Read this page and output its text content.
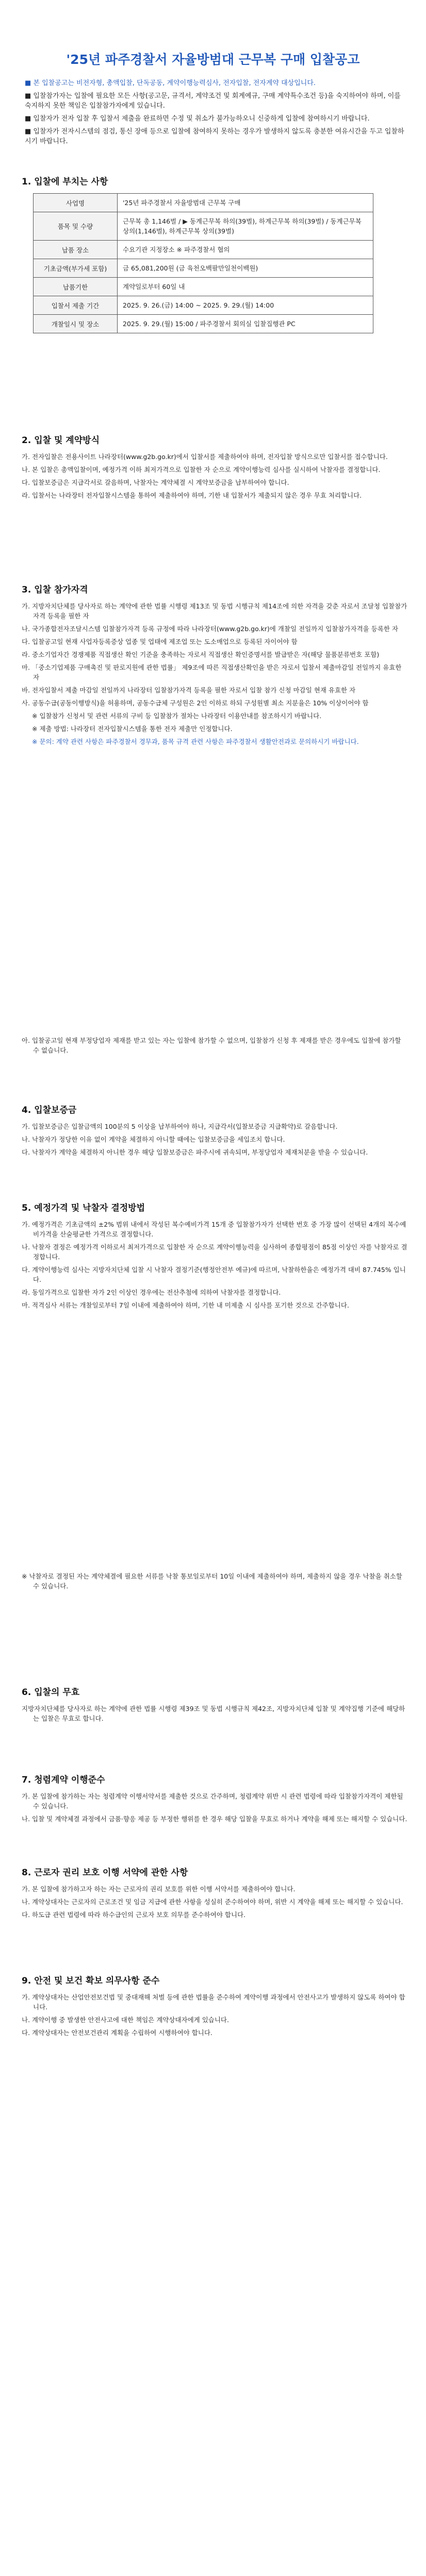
'25년 파주경찰서 자율방범대 근무복 구매 입찰공고

■ 본 입찰공고는 비전자형, 총액입찰, 단독공동, 계약이행능력심사, 전자입찰, 전자계약 대상입니다.

■ 입찰참가자는 입찰에 필요한 모든 사항(공고문, 규격서, 계약조건 및 회계예규, 구매 계약특수조건 등)을 숙지하여야 하며, 이를 숙지하지 못한 책임은 입찰참가자에게 있습니다.

■ 입찰자가 전자 입찰 후 입찰서 제출을 완료하면 수정 및 취소가 불가능하오니 신중하게 입찰에 참여하시기 바랍니다.

■ 입찰자가 전자시스템의 점검, 통신 장애 등으로 입찰에 참여하지 못하는 경우가 발생하지 않도록 충분한 여유시간을 두고 입찰하시기 바랍니다.

1. 입찰에 부치는 사항
사업명	'25년 파주경찰서 자율방범대 근무복 구매
품목 및 수량	근무복 총 1,146벌 / ▶ 동계근무복 하의(39벌), 하계근무복 하의(39벌) / 동계근무복 상의(1,146벌), 하계근무복 상의(39벌)
납품 장소	수요기관 지정장소 ※ 파주경찰서 협의
기초금액(부가세 포함)	금 65,081,200원 (금 육천오백팔만일천이백원)
납품기한	계약일로부터 60일 내
입찰서 제출 기간	2025. 9. 26.(금) 14:00 ~ 2025. 9. 29.(월) 14:00
개찰일시 및 장소	2025. 9. 29.(월) 15:00 / 파주경찰서 회의실 입찰집행관 PC
2. 입찰 및 계약방식

가. 전자입찰은 전용사이트 나라장터(www.g2b.go.kr)에서 입찰서를 제출하여야 하며, 전자입찰 방식으로만 입찰서를 접수합니다.

나. 본 입찰은 총액입찰이며, 예정가격 이하 최저가격으로 입찰한 자 순으로 계약이행능력 심사를 실시하여 낙찰자를 결정합니다.

다. 입찰보증금은 지급각서로 갈음하며, 낙찰자는 계약체결 시 계약보증금을 납부하여야 합니다.

라. 입찰서는 나라장터 전자입찰시스템을 통하여 제출하여야 하며, 기한 내 입찰서가 제출되지 않은 경우 무효 처리합니다.

3. 입찰 참가자격

가. 지방자치단체를 당사자로 하는 계약에 관한 법률 시행령 제13조 및 동법 시행규칙 제14조에 의한 자격을 갖춘 자로서 조달청 입찰참가자격 등록을 필한 자

나. 국가종합전자조달시스템 입찰참가자격 등록 규정에 따라 나라장터(www.g2b.go.kr)에 개찰일 전일까지 입찰참가자격을 등록한 자

다. 입찰공고일 현재 사업자등록증상 업종 및 업태에 제조업 또는 도소매업으로 등록된 자이어야 함

라. 중소기업자간 경쟁제품 직접생산 확인 기준을 충족하는 자로서 직접생산 확인증명서를 발급받은 자(해당 물품분류번호 포함)

마. 「중소기업제품 구매촉진 및 판로지원에 관한 법률」 제9조에 따른 직접생산확인을 받은 자로서 입찰서 제출마감일 전일까지 유효한 자

바. 전자입찰서 제출 마감일 전일까지 나라장터 입찰참가자격 등록을 필한 자로서 입찰 참가 신청 마감일 현재 유효한 자

사. 공동수급(공동이행방식)을 허용하며, 공동수급체 구성원은 2인 이하로 하되 구성원별 최소 지분율은 10% 이상이어야 함

※ 입찰참가 신청서 및 관련 서류의 구비 등 입찰참가 절차는 나라장터 이용안내를 참조하시기 바랍니다.

※ 제출 방법: 나라장터 전자입찰시스템을 통한 전자 제출만 인정합니다.

※ 문의: 계약 관련 사항은 파주경찰서 경무과, 품목 규격 관련 사항은 파주경찰서 생활안전과로 문의하시기 바랍니다.

아. 입찰공고일 현재 부정당업자 제재를 받고 있는 자는 입찰에 참가할 수 없으며, 입찰참가 신청 후 제재를 받은 경우에도 입찰에 참가할 수 없습니다.

4. 입찰보증금

가. 입찰보증금은 입찰금액의 100분의 5 이상을 납부하여야 하나, 지급각서(입찰보증금 지급확약)로 갈음합니다.

나. 낙찰자가 정당한 이유 없이 계약을 체결하지 아니할 때에는 입찰보증금을 세입조치 합니다.

다. 낙찰자가 계약을 체결하지 아니한 경우 해당 입찰보증금은 파주시에 귀속되며, 부정당업자 제재처분을 받을 수 있습니다.

5. 예정가격 및 낙찰자 결정방법

가. 예정가격은 기초금액의 ±2% 범위 내에서 작성된 복수예비가격 15개 중 입찰참가자가 선택한 번호 중 가장 많이 선택된 4개의 복수예비가격을 산술평균한 가격으로 결정합니다.

나. 낙찰자 결정은 예정가격 이하로서 최저가격으로 입찰한 자 순으로 계약이행능력을 심사하여 종합평점이 85점 이상인 자를 낙찰자로 결정합니다.

다. 계약이행능력 심사는 지방자치단체 입찰 시 낙찰자 결정기준(행정안전부 예규)에 따르며, 낙찰하한율은 예정가격 대비 87.745% 입니다.

라. 동일가격으로 입찰한 자가 2인 이상인 경우에는 전산추첨에 의하여 낙찰자를 결정합니다.

마. 적격심사 서류는 개찰일로부터 7일 이내에 제출하여야 하며, 기한 내 미제출 시 심사를 포기한 것으로 간주합니다.

※ 낙찰자로 결정된 자는 계약체결에 필요한 서류를 낙찰 통보일로부터 10일 이내에 제출하여야 하며, 제출하지 않을 경우 낙찰을 취소할 수 있습니다.

6. 입찰의 무효

지방자치단체를 당사자로 하는 계약에 관한 법률 시행령 제39조 및 동법 시행규칙 제42조, 지방자치단체 입찰 및 계약집행 기준에 해당하는 입찰은 무효로 합니다.

7. 청렴계약 이행준수

가. 본 입찰에 참가하는 자는 청렴계약 이행서약서를 제출한 것으로 간주하며, 청렴계약 위반 시 관련 법령에 따라 입찰참가자격이 제한될 수 있습니다.

나. 입찰 및 계약체결 과정에서 금품·향응 제공 등 부정한 행위를 한 경우 해당 입찰을 무효로 하거나 계약을 해제 또는 해지할 수 있습니다.

8. 근로자 권리 보호 이행 서약에 관한 사항

가. 본 입찰에 참가하고자 하는 자는 근로자의 권리 보호를 위한 이행 서약서를 제출하여야 합니다.

나. 계약상대자는 근로자의 근로조건 및 임금 지급에 관한 사항을 성실히 준수하여야 하며, 위반 시 계약을 해제 또는 해지할 수 있습니다.

다. 하도급 관련 법령에 따라 하수급인의 근로자 보호 의무를 준수하여야 합니다.

9. 안전 및 보건 확보 의무사항 준수

가. 계약상대자는 산업안전보건법 및 중대재해 처벌 등에 관한 법률을 준수하여 계약이행 과정에서 안전사고가 발생하지 않도록 하여야 합니다.

나. 계약이행 중 발생한 안전사고에 대한 책임은 계약상대자에게 있습니다.

다. 계약상대자는 안전보건관리 계획을 수립하여 시행하여야 합니다.
